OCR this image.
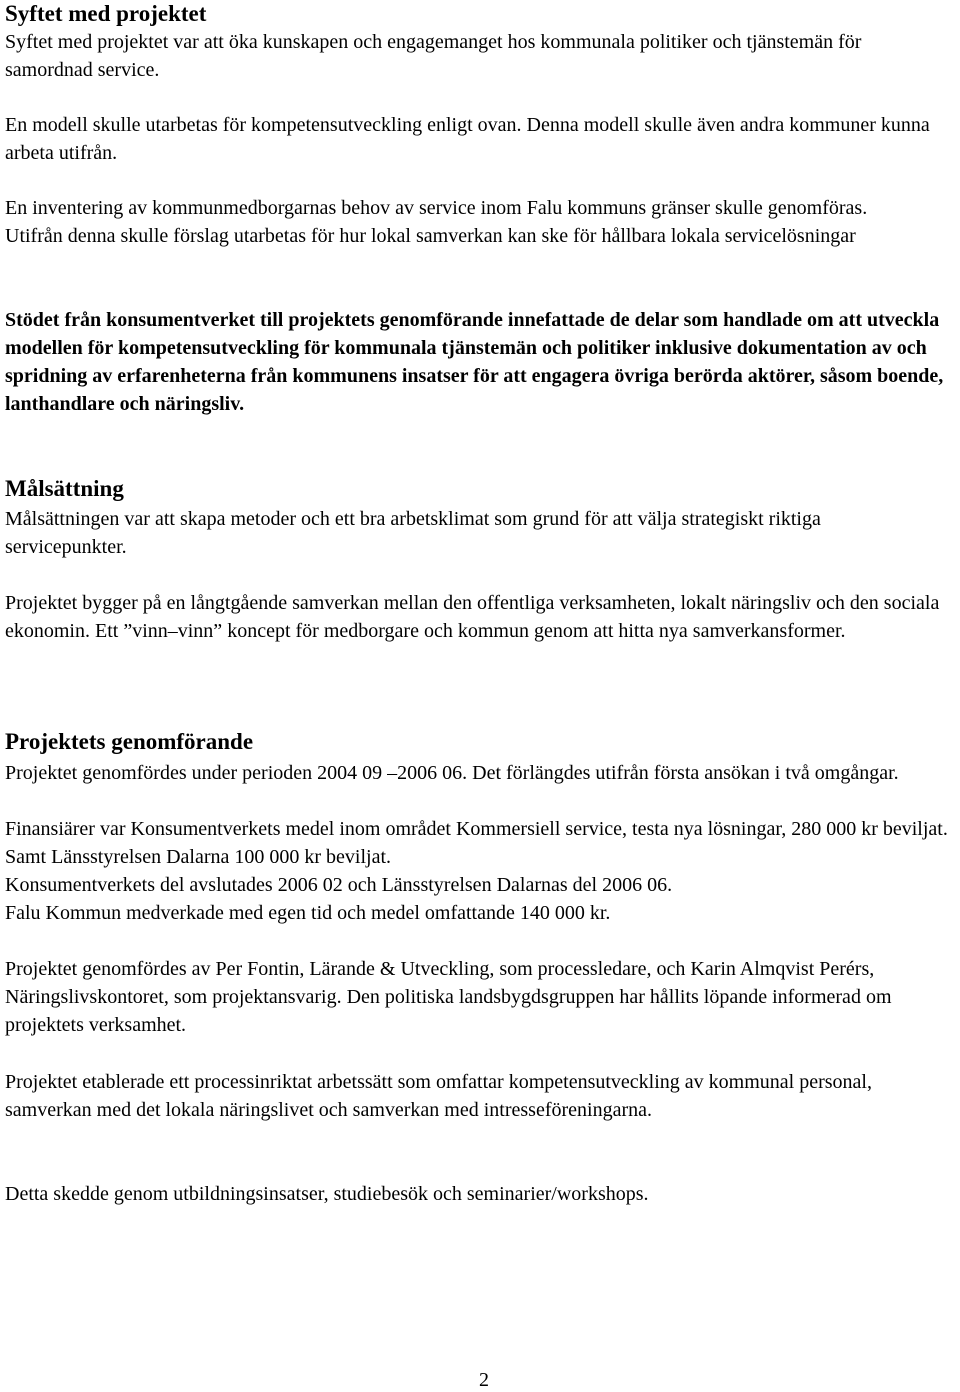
Syftet med projektet

Syftet med projektet var att öka kunskapen och engagemanget hos kommunala politiker och tjänstemän för samordnad service.

En modell skulle utarbetas för kompetensutveckling enligt ovan. Denna modell skulle även andra kommuner kunna arbeta utifrån.

En inventering av kommunmedborgarnas behov av service inom Falu kommuns gränser skulle genomföras. Utifrån denna skulle förslag utarbetas för hur lokal samverkan kan ske för hållbara lokala servicelösningar

Stödet från konsumentverket till projektets genomförande innefattade de delar som handlade om att utveckla modellen för kompetensutveckling för kommunala tjänstemän och politiker inklusive dokumentation av och spridning av erfarenheterna från kommunens insatser för att engagera övriga berörda aktörer, såsom boende, lanthandlare och näringsliv.

Målsättning

Målsättningen var att skapa metoder och ett bra arbetsklimat som grund för att välja strategiskt riktiga servicepunkter.

Projektet bygger på en långtgående samverkan mellan den offentliga verksamheten, lokalt näringsliv och den sociala ekonomin. Ett ”vinn–vinn” koncept för medborgare och kommun genom att hitta nya samverkansformer.

Projektets genomförande

Projektet genomfördes under perioden 2004 09 –2006 06. Det förlängdes utifrån första ansökan i två omgångar.

Finansiärer var Konsumentverkets medel inom området Kommersiell service, testa nya lösningar, 280 000 kr beviljat. Samt Länsstyrelsen Dalarna 100 000 kr beviljat.

Konsumentverkets del avslutades 2006 02 och Länsstyrelsen Dalarnas del 2006 06.

Falu Kommun medverkade med egen tid och medel omfattande 140 000 kr.

Projektet genomfördes av Per Fontin, Lärande & Utveckling, som processledare, och Karin Almqvist Perérs, Näringslivskontoret, som projektansvarig. Den politiska landsbygdsgruppen har hållits löpande informerad om projektets verksamhet.

Projektet etablerade ett processinriktat arbetssätt som omfattar kompetensutveckling av kommunal personal, samverkan med det lokala näringslivet och samverkan med intresseföreningarna.

Detta skedde genom utbildningsinsatser, studiebesök och seminarier/workshops.

2
